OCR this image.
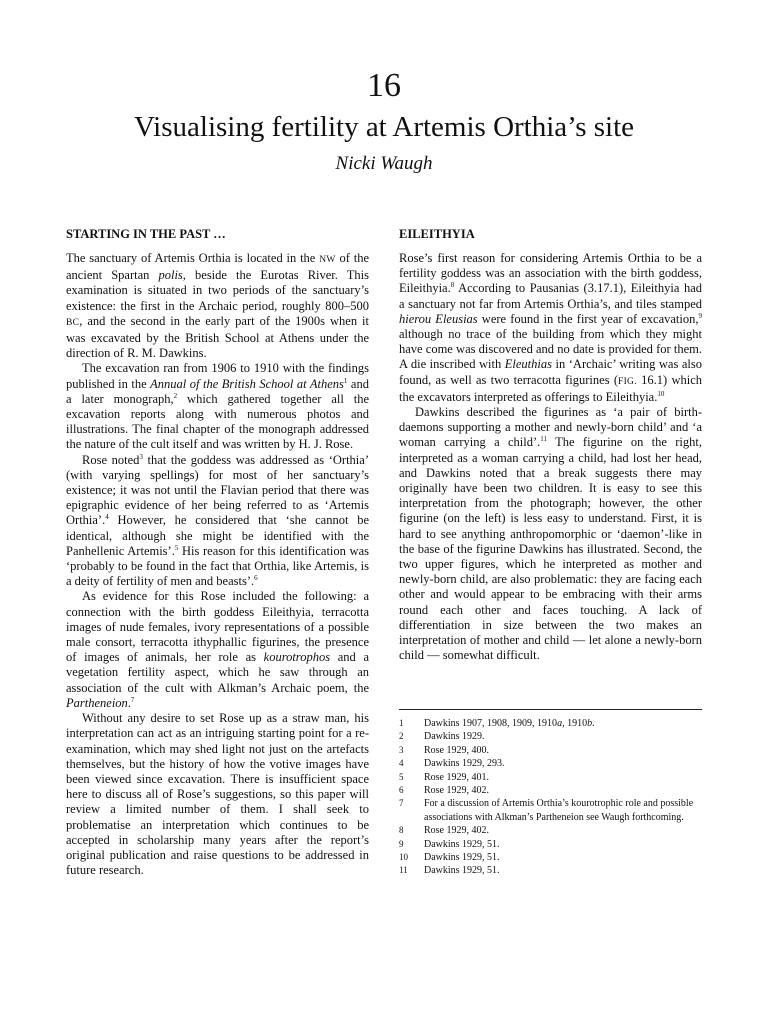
16
Visualising fertility at Artemis Orthia’s site
Nicki Waugh
STARTING IN THE PAST …

The sanctuary of Artemis Orthia is located in the NW of the ancient Spartan polis, beside the Eurotas River. This examination is situated in two periods of the sanctuary’s existence: the first in the Archaic period, roughly 800–500 BC, and the second in the early part of the 1900s when it was excavated by the British School at Athens under the direction of R. M. Dawkins.

The excavation ran from 1906 to 1910 with the findings published in the Annual of the British School at Athens$^1$ and a later monograph,$^2$ which gathered together all the excavation reports along with numerous photos and illustrations. The final chapter of the monograph addressed the nature of the cult itself and was written by H. J. Rose.

Rose noted$^3$ that the goddess was addressed as ‘Orthia’ (with varying spellings) for most of her sanctuary’s existence; it was not until the Flavian period that there was epigraphic evidence of her being referred to as ‘Artemis Orthia’.$^4$ However, he considered that ‘she cannot be identical, although she might be identified with the Panhellenic Artemis’.$^5$ His reason for this identification was ‘probably to be found in the fact that Orthia, like Artemis, is a deity of fertility of men and beasts’.$^6$

As evidence for this Rose included the following: a connection with the birth goddess Eileithyia, terracotta images of nude females, ivory representations of a possible male consort, terracotta ithyphallic figurines, the presence of images of animals, her role as kourotrophos and a vegetation fertility aspect, which he saw through an association of the cult with Alkman’s Archaic poem, the Partheneion.$^7$

Without any desire to set Rose up as a straw man, his interpretation can act as an intriguing starting point for a re-examination, which may shed light not just on the artefacts themselves, but the history of how the votive images have been viewed since excavation. There is insufficient space here to discuss all of Rose’s suggestions, so this paper will review a limited number of them. I shall seek to problematise an interpretation which continues to be accepted in scholarship many years after the report’s original publication and raise questions to be addressed in future research.

EILEITHYIA

Rose’s first reason for considering Artemis Orthia to be a fertility goddess was an association with the birth goddess, Eileithyia.$^8$ According to Pausanias (3.17.1), Eileithyia had a sanctuary not far from Artemis Orthia’s, and tiles stamped hierou Eleusias were found in the first year of excavation,$^9$ although no trace of the building from which they might have come was discovered and no date is provided for them. A die inscribed with Eleuthias in ‘Archaic’ writing was also found, as well as two terracotta figurines (FIG. 16.1) which the excavators interpreted as offerings to Eileithyia.$^{10}$

Dawkins described the figurines as ‘a pair of birth-daemons supporting a mother and newly-born child’ and ‘a woman carrying a child’.$^{11}$ The figurine on the right, interpreted as a woman carrying a child, had lost her head, and Dawkins noted that a break suggests there may originally have been two children. It is easy to see this interpretation from the photograph; however, the other figurine (on the left) is less easy to understand. First, it is hard to see anything anthropomorphic or ‘daemon’-like in the base of the figurine Dawkins has illustrated. Second, the two upper figures, which he interpreted as mother and newly-born child, are also problematic: they are facing each other and would appear to be embracing with their arms round each other and faces touching. A lack of differentiation in size between the two makes an interpretation of mother and child — let alone a newly-born child — somewhat difficult.

1	Dawkins 1907, 1908, 1909, 1910a, 1910b.
2	Dawkins 1929.
3	Rose 1929, 400.
4	Dawkins 1929, 293.
5	Rose 1929, 401.
6	Rose 1929, 402.
7	For a discussion of Artemis Orthia’s kourotrophic role and possible associations with Alkman’s Partheneion see Waugh forthcoming.
8	Rose 1929, 402.
9	Dawkins 1929, 51.
10	Dawkins 1929, 51.
11	Dawkins 1929, 51.
